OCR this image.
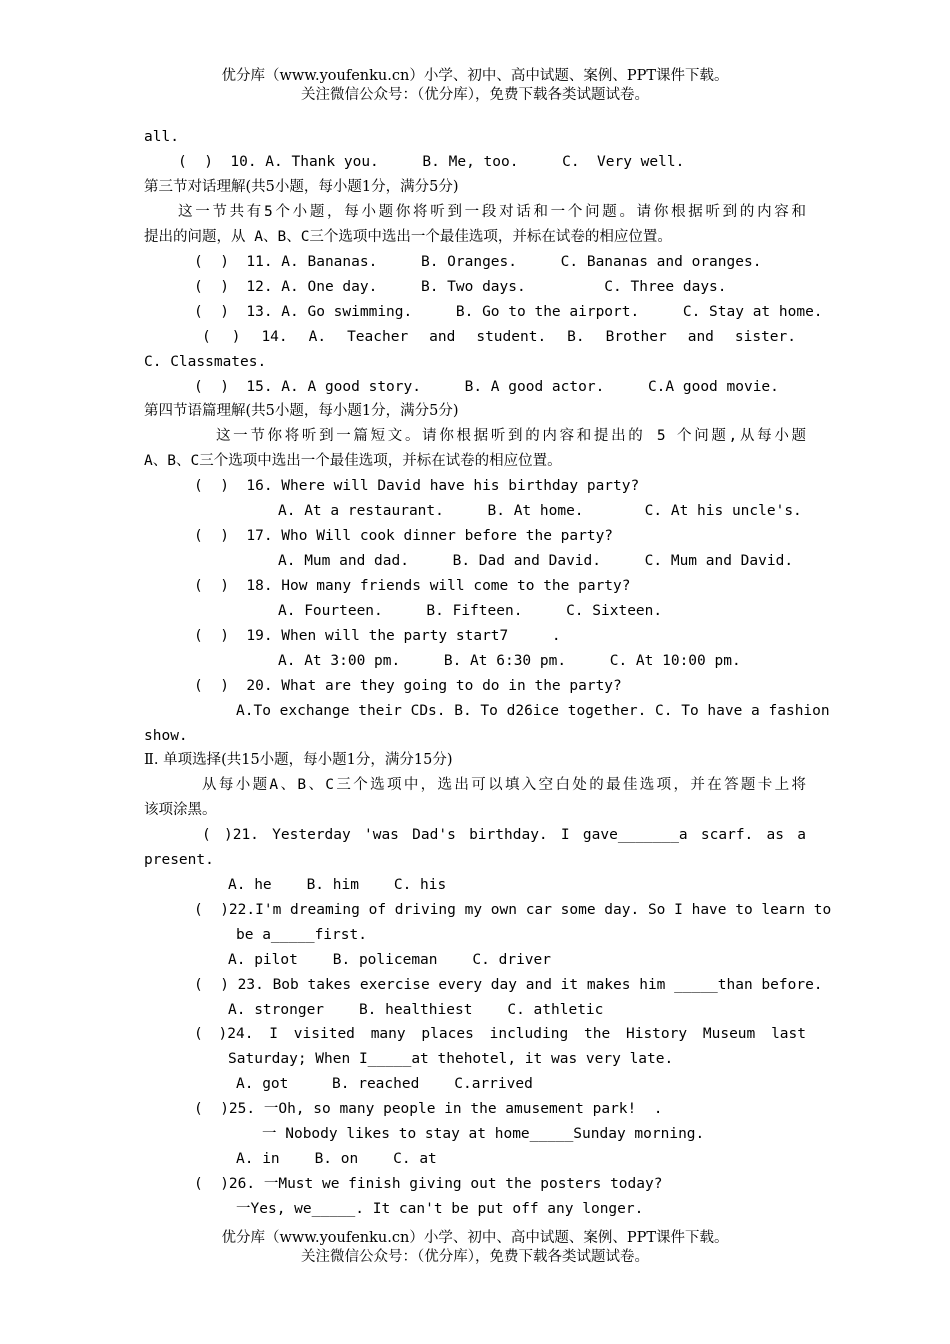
优分库（www.youfenku.cn）小学、初中、高中试题、案例、PPT课件下载。
关注微信公众号：（优分库），免费下载各类试题试卷。
all.
(  )  10. A. Thank you.     B. Me, too.     C.  Very well.
第三节对话理解(共5小题，每小题1分，满分5分)
这一节共有5个小题，每小题你将听到一段对话和一个问题。请你根据听到的内容和
提出的问题，从 A、B、C三个选项中选出一个最佳选项，并标在试卷的相应位置。
(  )  11. A. Bananas.     B. Oranges.     C. Bananas and oranges.
(  )  12. A. One day.     B. Two days.         C. Three days.
(  )  13. A. Go swimming.     B. Go to the airport.     C. Stay at home.
( ) 14. A. Teacher and student. B. Brother and sister.
C. Classmates.
(  )  15. A. A good story.     B. A good actor.     C.A good movie.
第四节语篇理解(共5小题，每小题1分，满分5分)
这一节你将听到一篇短文。请你根据听到的内容和提出的 5 个问题,从每小题
A、B、C三个选项中选出一个最佳选项，并标在试卷的相应位置。
(  )  16. Where will David have his birthday party?
A. At a restaurant.     B. At home.       C. At his uncle's.
(  )  17. Who Will cook dinner before the party?
A. Mum and dad.     B. Dad and David.     C. Mum and David.
(  )  18. How many friends will come to the party?
A. Fourteen.     B. Fifteen.     C. Sixteen.
(  )  19. When will the party start7     .
A. At 3:00 pm.     B. At 6:30 pm.     C. At 10:00 pm.
(  )  20. What are they going to do in the party?
A.To exchange their CDs. B. To d26ice together. C. To have a fashion
show.
Ⅱ. 单项选择(共15小题，每小题1分，满分15分)
从每小题A、B、C三个选项中，选出可以填入空白处的最佳选项，并在答题卡上将
该项涂黑。
( )21. Yesterday 'was Dad's birthday. I gave_______a scarf. as a
present.
A. he    B. him    C. his
(  )22.I'm dreaming of driving my own car some day. So I have to learn to
be a_____first.
A. pilot    B. policeman    C. driver
(  ) 23. Bob takes exercise every day and it makes him _____than before.
A. stronger    B. healthiest    C. athletic
( )24. I visited many places including the History Museum last
Saturday; When I_____at thehotel, it was very late.
A. got     B. reached    C.arrived
(  )25. 一Oh, so many people in the amusement park!  .
一 Nobody likes to stay at home_____Sunday morning.
A. in    B. on    C. at
(  )26. 一Must we finish giving out the posters today?
一Yes, we_____. It can't be put off any longer.
优分库（www.youfenku.cn）小学、初中、高中试题、案例、PPT课件下载。
关注微信公众号：（优分库），免费下载各类试题试卷。
